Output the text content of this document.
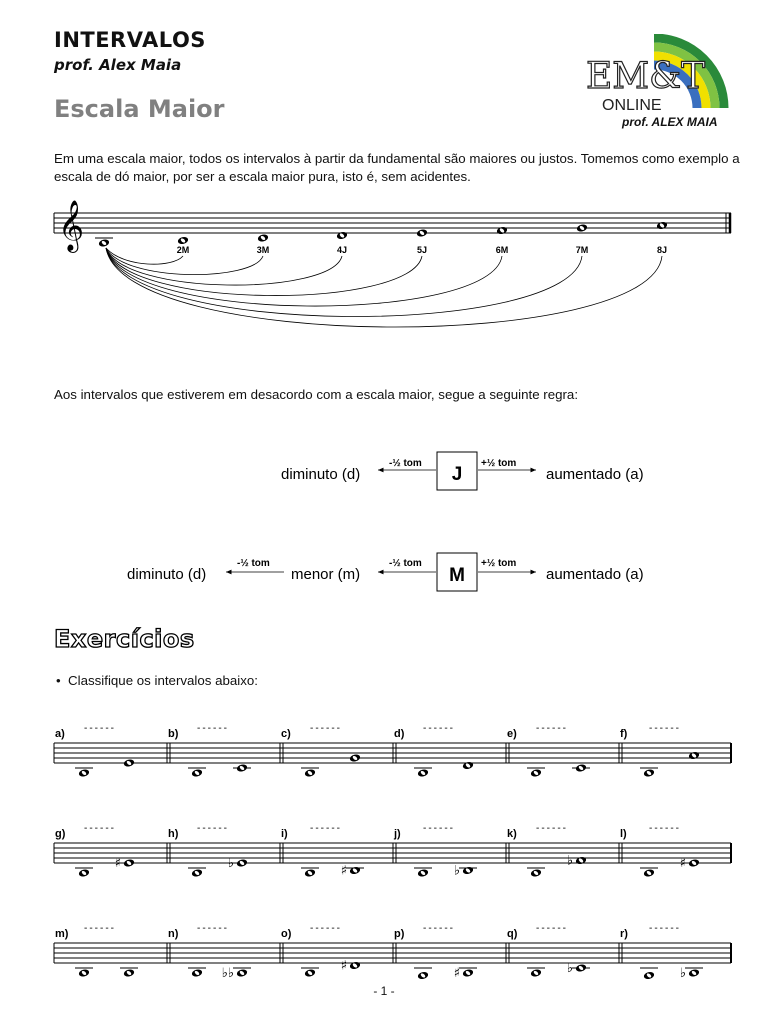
INTERVALOS
prof. Alex Maia
Escala Maior
EM&T
ONLINE
prof. ALEX MAIA
Em uma escala maior, todos os intervalos à partir da fundamental são maiores ou justos. Tomemos como exemplo a escala de dó maior, por ser a escala maior pura, isto é, sem acidentes.
𝄞	2M	3M	4J	5J	6M	7M	8J
Aos intervalos que estiverem em desacordo com a escala maior, segue a seguinte regra:
diminuto (d)
-½ tom
J
+½ tom
aumentado (a)
diminuto (d)
-½ tom
menor (m)
-½ tom
M
+½ tom
aumentado (a)
Exercícios
•  Classifique os intervalos abaixo:
a) ------	b) ------	c) ------	d) ------	e) ------	f) ------
g) ------
♯
h) ------
♭
i) ------
♯
j) ------
♭
k) ------
♭
l) ------
♯
m) ------	n) ------
♭♭
o) ------
♯
p) ------
♯
q) ------
♭
r) ------
♭
- 1 -
